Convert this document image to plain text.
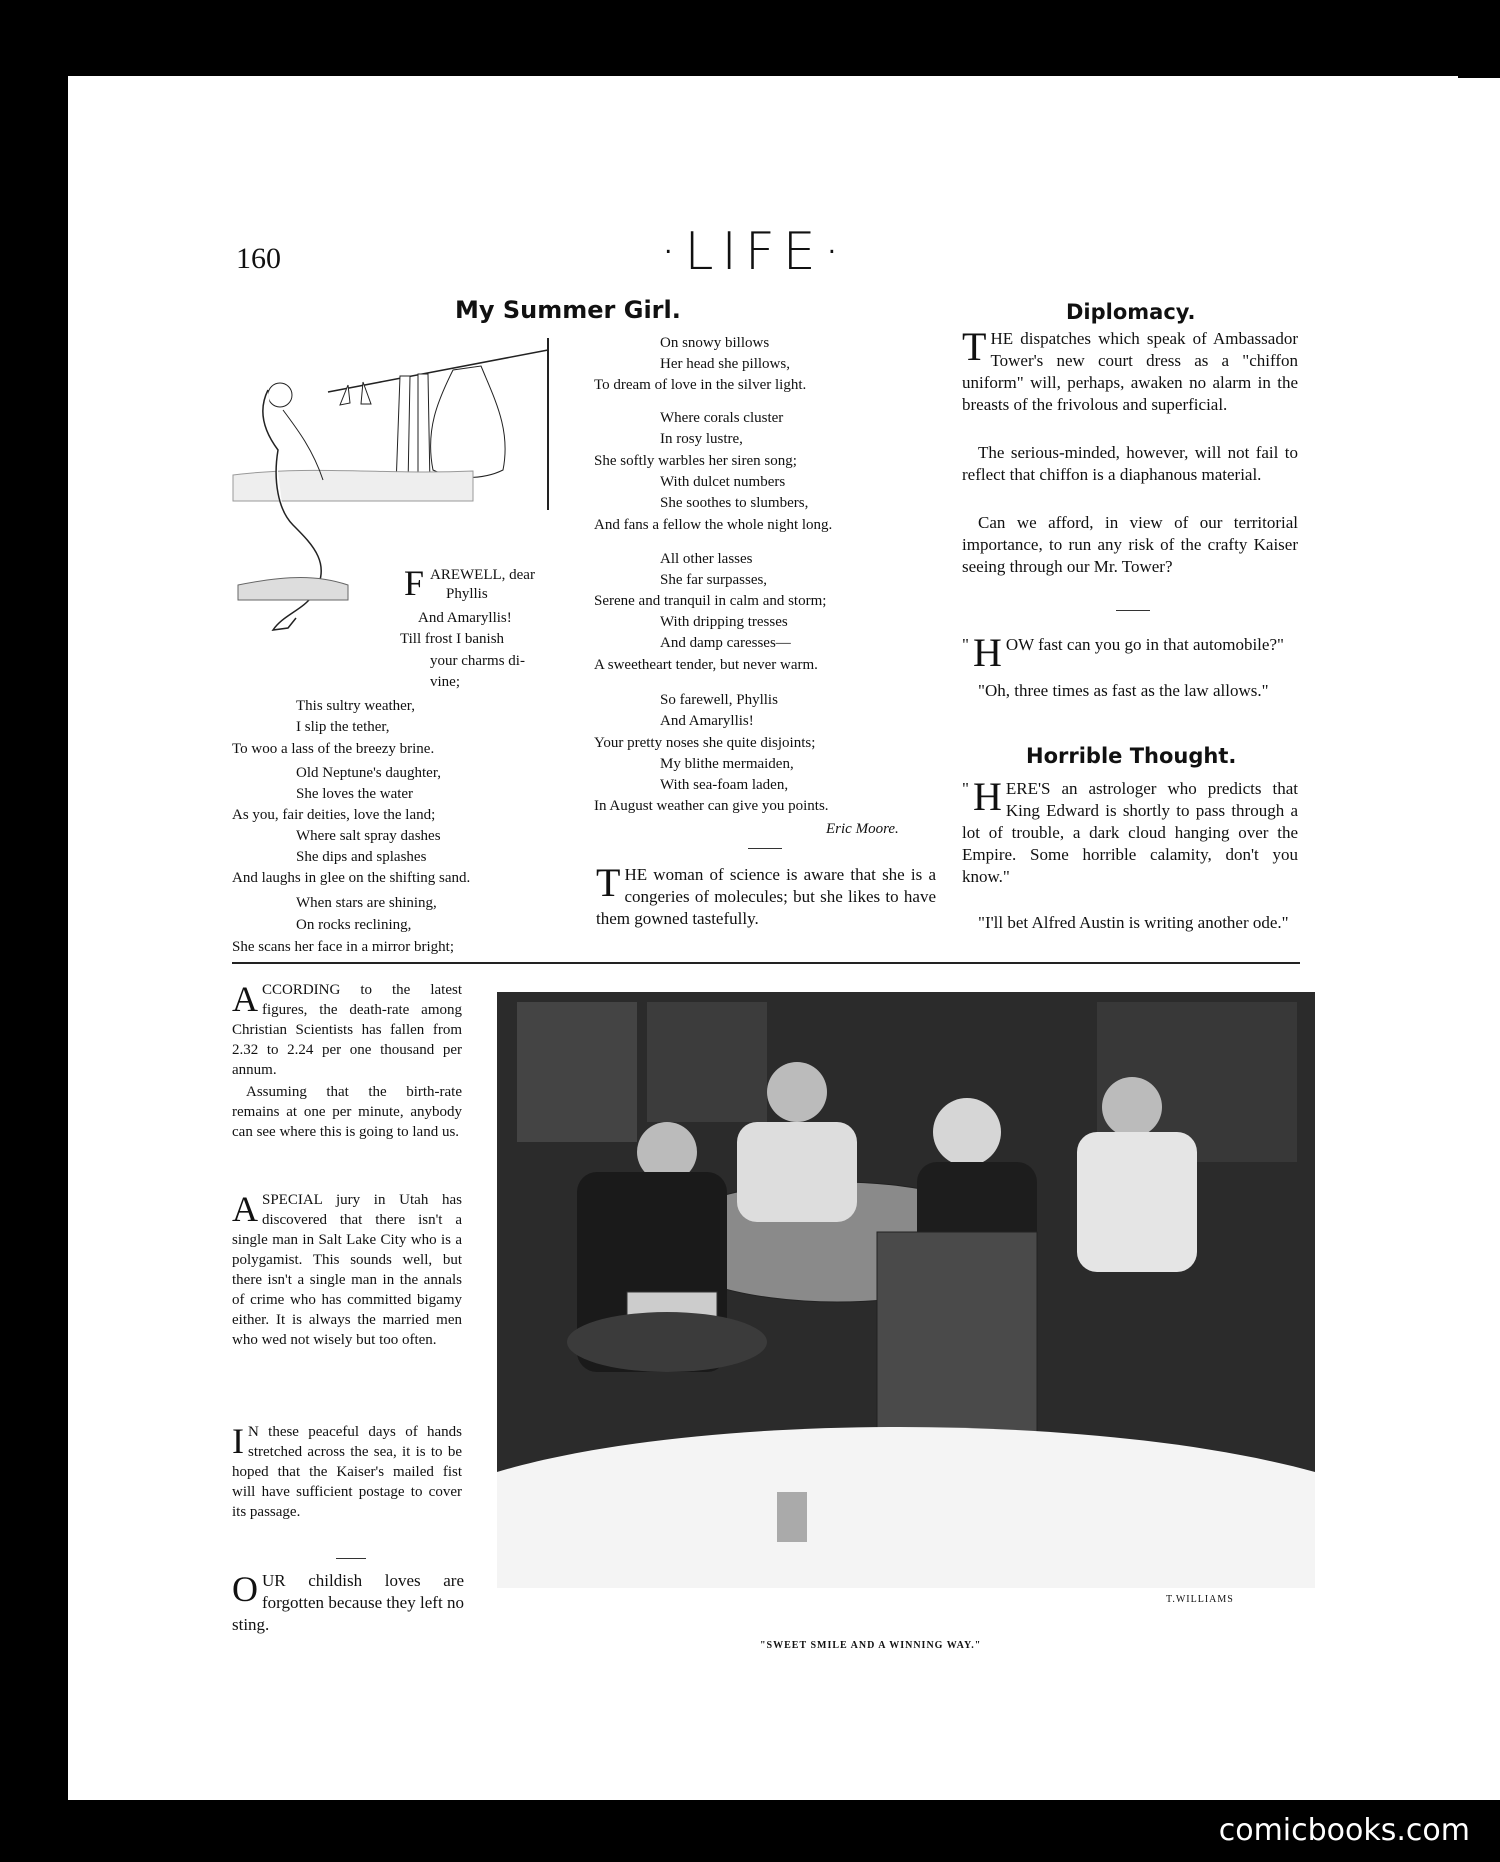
160	·LIFE·
My Summer Girl.
F AREWELL, dear
Phyllis
And Amaryllis!
Till frost I banish
your charms di-
vine;
This sultry weather,
I slip the tether,
To woo a lass of the breezy brine.
Old Neptune's daughter,
She loves the water
As you, fair deities, love the land;
Where salt spray dashes
She dips and splashes
And laughs in glee on the shifting sand.
When stars are shining,
On rocks reclining,
She scans her face in a mirror bright;
On snowy billows
Her head she pillows,
To dream of love in the silver light.
Where corals cluster
In rosy lustre,
She softly warbles her siren song;
With dulcet numbers
She soothes to slumbers,
And fans a fellow the whole night long.
All other lasses
She far surpasses,
Serene and tranquil in calm and storm;
With dripping tresses
And damp caresses—
A sweetheart tender, but never warm.
So farewell, Phyllis
And Amaryllis!
Your pretty noses she quite disjoints;
My blithe mermaiden,
With sea-foam laden,
In August weather can give you points.
Eric Moore.
THE woman of science is aware that she is a congeries of molecules; but she likes to have them gowned tastefully.
Diplomacy.
THE dispatches which speak of Ambassador Tower's new court dress as a "chiffon uniform" will, perhaps, awaken no alarm in the breasts of the frivolous and superficial.
The serious-minded, however, will not fail to reflect that chiffon is a diaphanous material.
Can we afford, in view of our territorial importance, to run any risk of the crafty Kaiser seeing through our Mr. Tower?
" H OW fast can you go in that automobile?"
"Oh, three times as fast as the law allows."
Horrible Thought.
" H ERE'S an astrologer who predicts that King Edward is shortly to pass through a lot of trouble, a dark cloud hanging over the Empire. Some horrible calamity, don't you know."
"I'll bet Alfred Austin is writing another ode."
ACCORDING to the latest figures, the death-rate among Christian Scientists has fallen from 2.32 to 2.24 per one thousand per annum.
Assuming that the birth-rate remains at one per minute, anybody can see where this is going to land us.
ASPECIAL jury in Utah has discovered that there isn't a single man in Salt Lake City who is a polygamist. This sounds well, but there isn't a single man in the annals of crime who has committed bigamy either. It is always the married men who wed not wisely but too often.
I N these peaceful days of hands stretched across the sea, it is to be hoped that the Kaiser's mailed fist will have sufficient postage to cover its passage.
OUR childish loves are forgotten because they left no sting.
T.WILLIAMS
"SWEET SMILE AND A WINNING WAY."
comicbooks.com
